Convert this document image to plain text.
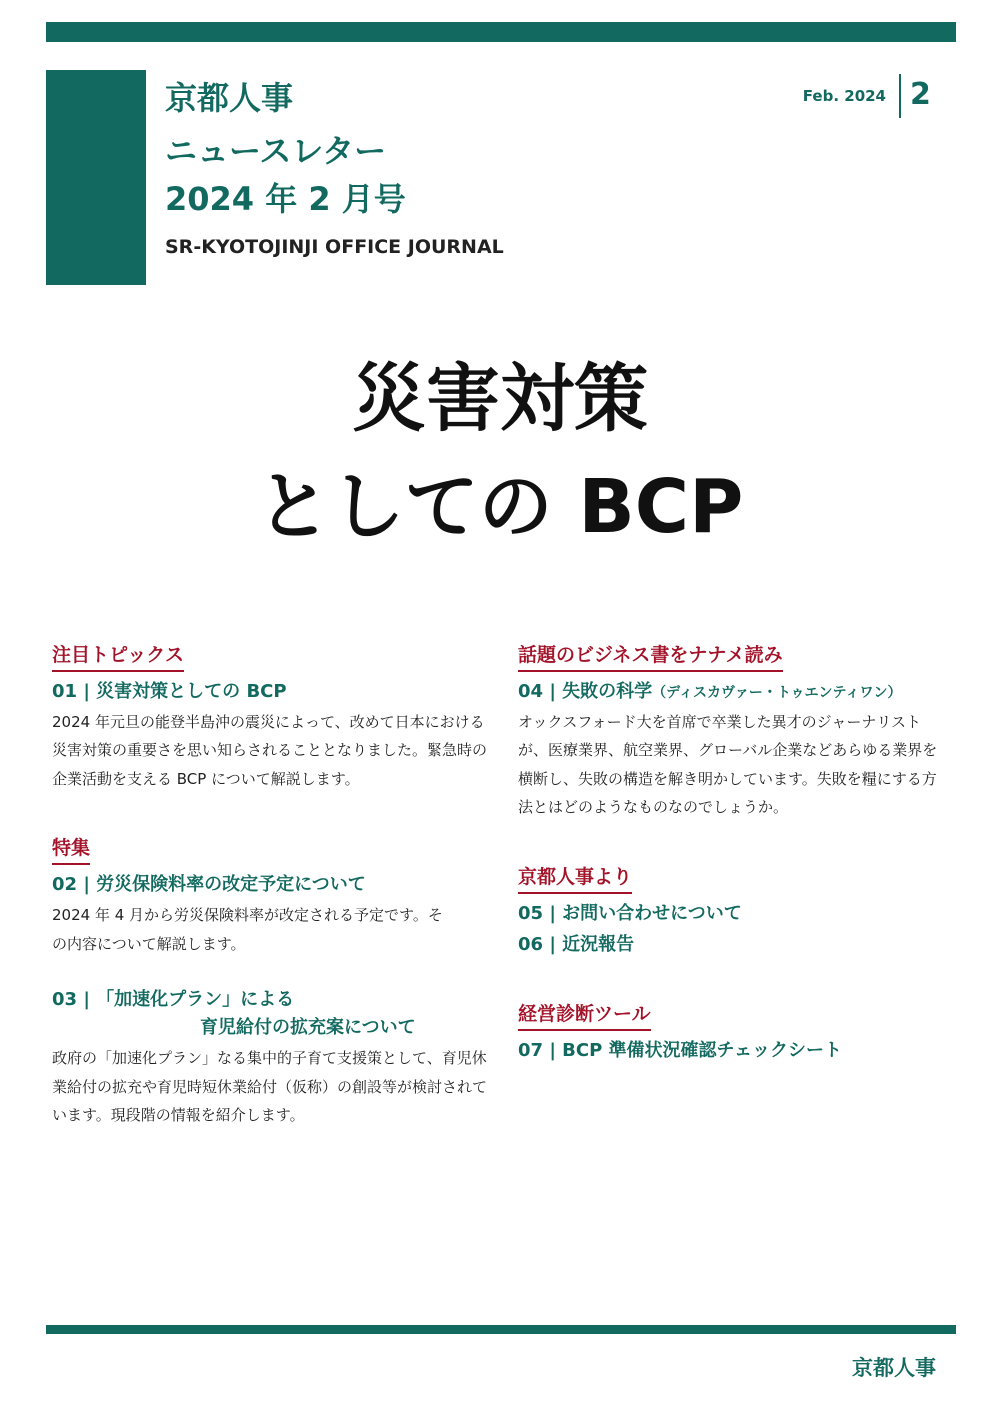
京都人事
ニュースレター
2024 年 2 月号
SR-KYOTOJINJI OFFICE JOURNAL
Feb. 2024 2
災害対策
としての BCP
注目トピックス
01 | 災害対策としての BCP
2024 年元旦の能登半島沖の震災によって、改めて日本における災害対策の重要さを思い知らされることとなりました。緊急時の企業活動を支える BCP について解説します。
特集
02 | 労災保険料率の改定予定について
2024 年 4 月から労災保険料率が改定される予定です。その内容について解説します。
03 | 「加速化プラン」による
育児給付の拡充案について
政府の「加速化プラン」なる集中的子育て支援策として、育児休業給付の拡充や育児時短休業給付（仮称）の創設等が検討されています。現段階の情報を紹介します。
話題のビジネス書をナナメ読み
04 | 失敗の科学（ディスカヴァー・トゥエンティワン）
オックスフォード大を首席で卒業した異才のジャーナリストが、医療業界、航空業界、グローバル企業などあらゆる業界を横断し、失敗の構造を解き明かしています。失敗を糧にする方法とはどのようなものなのでしょうか。
京都人事より
05 | お問い合わせについて
06 | 近況報告
経営診断ツール
07 | BCP 準備状況確認チェックシート
京都人事
